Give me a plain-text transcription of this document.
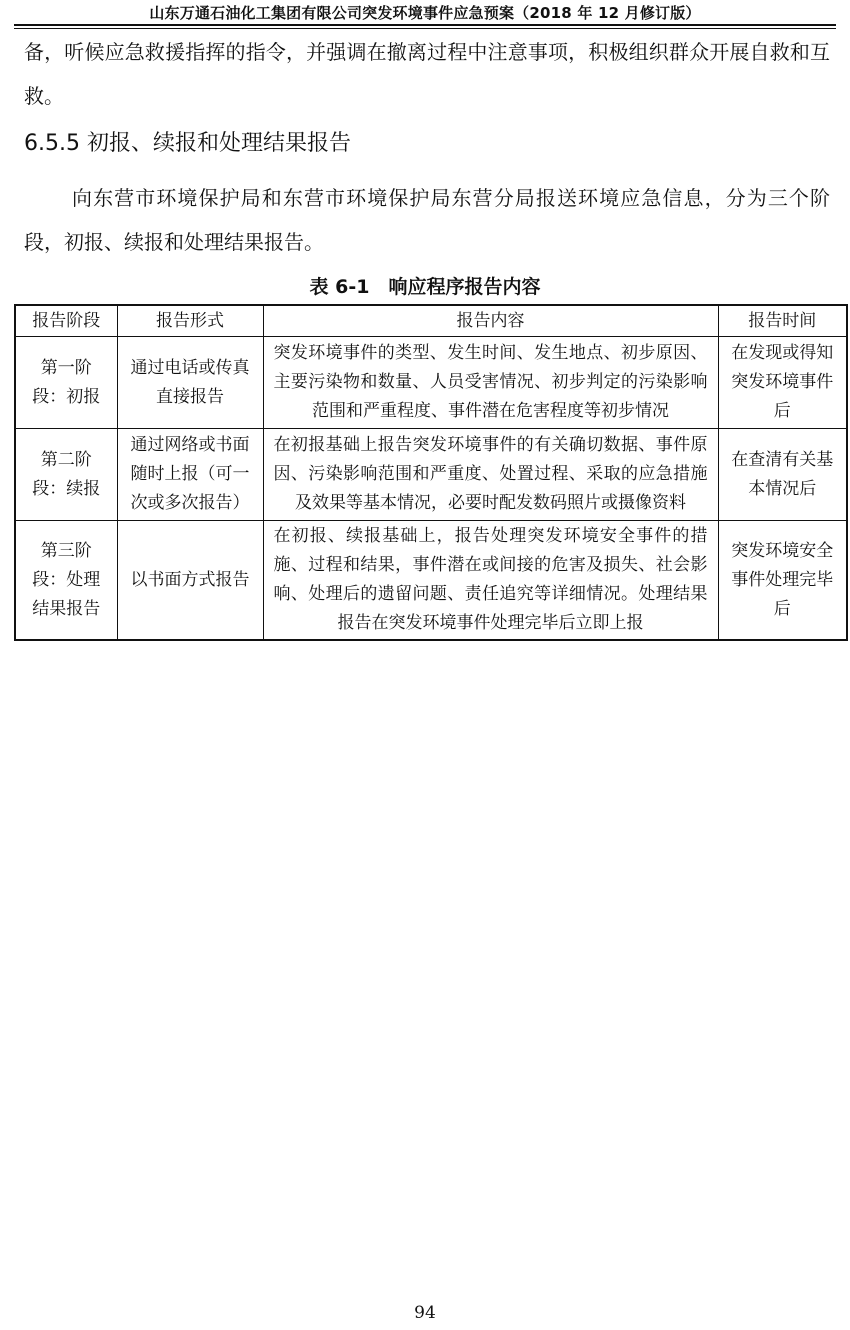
山东万通石油化工集团有限公司突发环境事件应急预案（2018 年 12 月修订版）
备，听候应急救援指挥的指令，并强调在撤离过程中注意事项，积极组织群众开展自救和互救。
6.5.5 初报、续报和处理结果报告
向东营市环境保护局和东营市环境保护局东营分局报送环境应急信息，分为三个阶段，初报、续报和处理结果报告。
表 6-1　响应程序报告内容
报告阶段	报告形式	报告内容	报告时间
第一阶段：初报	通过电话或传真直接报告	突发环境事件的类型、发生时间、发生地点、初步原因、主要污染物和数量、人员受害情况、初步判定的污染影响范围和严重程度、事件潜在危害程度等初步情况	在发现或得知突发环境事件后
第二阶段：续报	通过网络或书面随时上报（可一次或多次报告）	在初报基础上报告突发环境事件的有关确切数据、事件原因、污染影响范围和严重度、处置过程、采取的应急措施及效果等基本情况，必要时配发数码照片或摄像资料	在查清有关基本情况后
第三阶段：处理结果报告	以书面方式报告	在初报、续报基础上，报告处理突发环境安全事件的措施、过程和结果，事件潜在或间接的危害及损失、社会影响、处理后的遗留问题、责任追究等详细情况。处理结果报告在突发环境事件处理完毕后立即上报	突发环境安全事件处理完毕后
94
